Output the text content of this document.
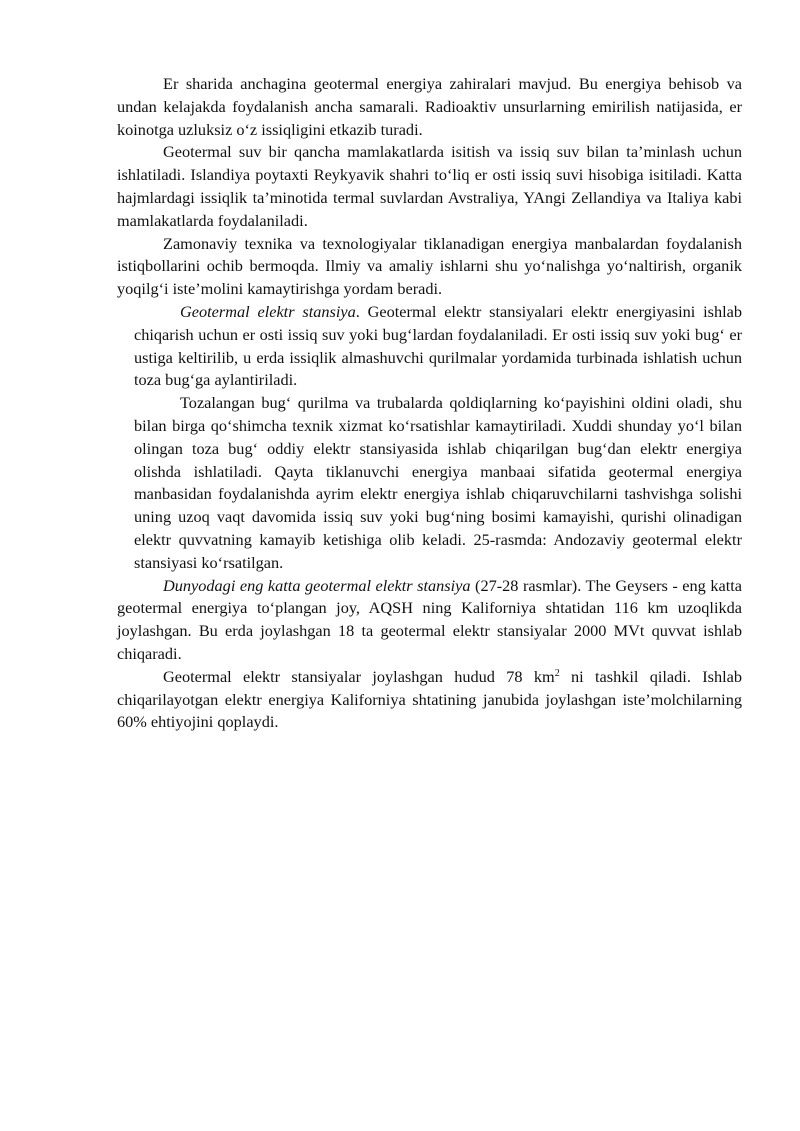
Er sharida anchagina geotermal energiya zahiralari mavjud. Bu energiya behisob va undan kelajakda foydalanish ancha samarali. Radioaktiv unsurlarning emirilish natijasida, er koinotga uzluksiz o‘z issiqligini etkazib turadi.

Geotermal suv bir qancha mamlakatlarda isitish va issiq suv bilan ta’minlash uchun ishlatiladi. Islandiya poytaxti Reykyavik shahri to‘liq er osti issiq suvi hisobiga isitiladi. Katta hajmlardagi issiqlik ta’minotida termal suvlardan Avstraliya, YAngi Zellandiya va Italiya kabi mamlakatlarda foydalaniladi.

Zamonaviy texnika va texnologiyalar tiklanadigan energiya manbalardan foydalanish istiqbollarini ochib bermoqda. Ilmiy va amaliy ishlarni shu yo‘nalishga yo‘naltirish, organik yoqilg‘i iste’molini kamaytirishga yordam beradi.

Geotermal elektr stansiya. Geotermal elektr stansiyalari elektr energiyasini ishlab chiqarish uchun er osti issiq suv yoki bug‘lardan foydalaniladi. Er osti issiq suv yoki bug‘ er ustiga keltirilib, u erda issiqlik almashuvchi qurilmalar yordamida turbinada ishlatish uchun toza bug‘ga aylantiriladi.

Tozalangan bug‘ qurilma va trubalarda qoldiqlarning ko‘payishini oldini oladi, shu bilan birga qo‘shimcha texnik xizmat ko‘rsatishlar kamaytiriladi. Xuddi shunday yo‘l bilan olingan toza bug‘ oddiy elektr stansiyasida ishlab chiqarilgan bug‘dan elektr energiya olishda ishlatiladi. Qayta tiklanuvchi energiya manbaai sifatida geotermal energiya manbasidan foydalanishda ayrim elektr energiya ishlab chiqaruvchilarni tashvishga solishi uning uzoq vaqt davomida issiq suv yoki bug‘ning bosimi kamayishi, qurishi olinadigan elektr quvvatning kamayib ketishiga olib keladi. 25-rasmda: Andozaviy geotermal elektr stansiyasi ko‘rsatilgan.

Dunyodagi eng katta geotermal elektr stansiya (27-28 rasmlar). The Geysers - eng katta geotermal energiya to‘plangan joy, AQSH ning Kaliforniya shtatidan 116 km uzoqlikda joylashgan. Bu erda joylashgan 18 ta geotermal elektr stansiyalar 2000 MVt quvvat ishlab chiqaradi.

Geotermal elektr stansiyalar joylashgan hudud 78 $km^2$ ni tashkil qiladi. Ishlab chiqarilayotgan elektr energiya Kaliforniya shtatining janubida joylashgan iste’molchilarning 60% ehtiyojini qoplaydi.
